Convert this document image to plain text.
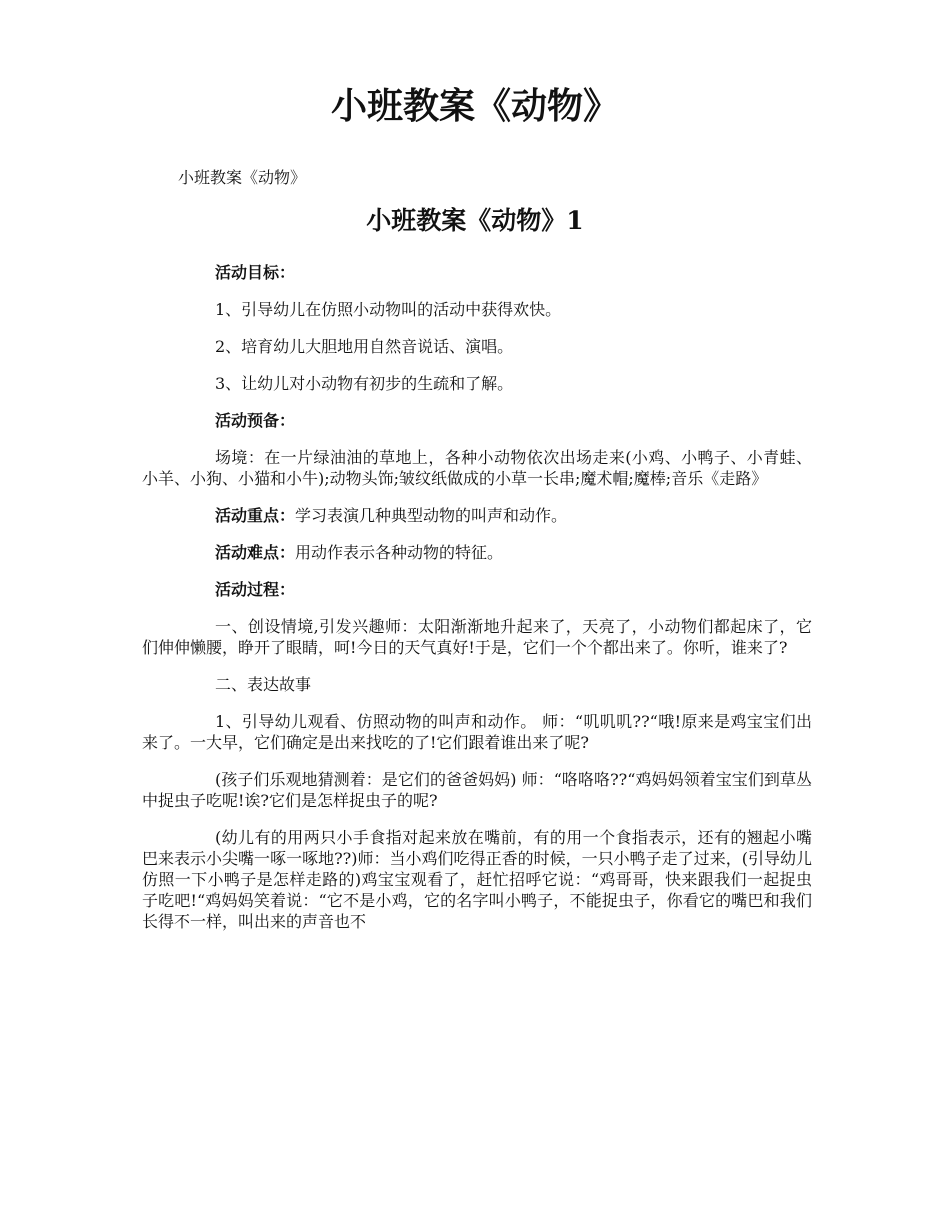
小班教案《动物》

小班教案《动物》

小班教案《动物》1

活动目标：

1、引导幼儿在仿照小动物叫的活动中获得欢快。

2、培育幼儿大胆地用自然音说话、演唱。

3、让幼儿对小动物有初步的生疏和了解。

活动预备：

场境：在一片绿油油的草地上，各种小动物依次出场走来(小鸡、小鸭子、小青蛙、小羊、小狗、小猫和小牛);动物头饰;皱纹纸做成的小草一长串;魔术帽;魔棒;音乐《走路》

活动重点：学习表演几种典型动物的叫声和动作。

活动难点：用动作表示各种动物的特征。

活动过程：

一、创设情境,引发兴趣师：太阳渐渐地升起来了，天亮了，小动物们都起床了，它们伸伸懒腰，睁开了眼睛，呵!今日的天气真好!于是，它们一个个都出来了。你听，谁来了?

二、表达故事

1、引导幼儿观看、仿照动物的叫声和动作。 师：“叽叽叽??“哦!原来是鸡宝宝们出来了。一大早，它们确定是出来找吃的了!它们跟着谁出来了呢?

(孩子们乐观地猜测着：是它们的爸爸妈妈) 师：“咯咯咯??“鸡妈妈领着宝宝们到草丛中捉虫子吃呢!诶?它们是怎样捉虫子的呢?

(幼儿有的用两只小手食指对起来放在嘴前，有的用一个食指表示，还有的翘起小嘴巴来表示小尖嘴一啄一啄地??)师：当小鸡们吃得正香的时候，一只小鸭子走了过来，(引导幼儿仿照一下小鸭子是怎样走路的)鸡宝宝观看了，赶忙招呼它说：“鸡哥哥，快来跟我们一起捉虫子吃吧!“鸡妈妈笑着说：“它不是小鸡，它的名字叫小鸭子，不能捉虫子，你看它的嘴巴和我们长得不一样，叫出来的声音也不
